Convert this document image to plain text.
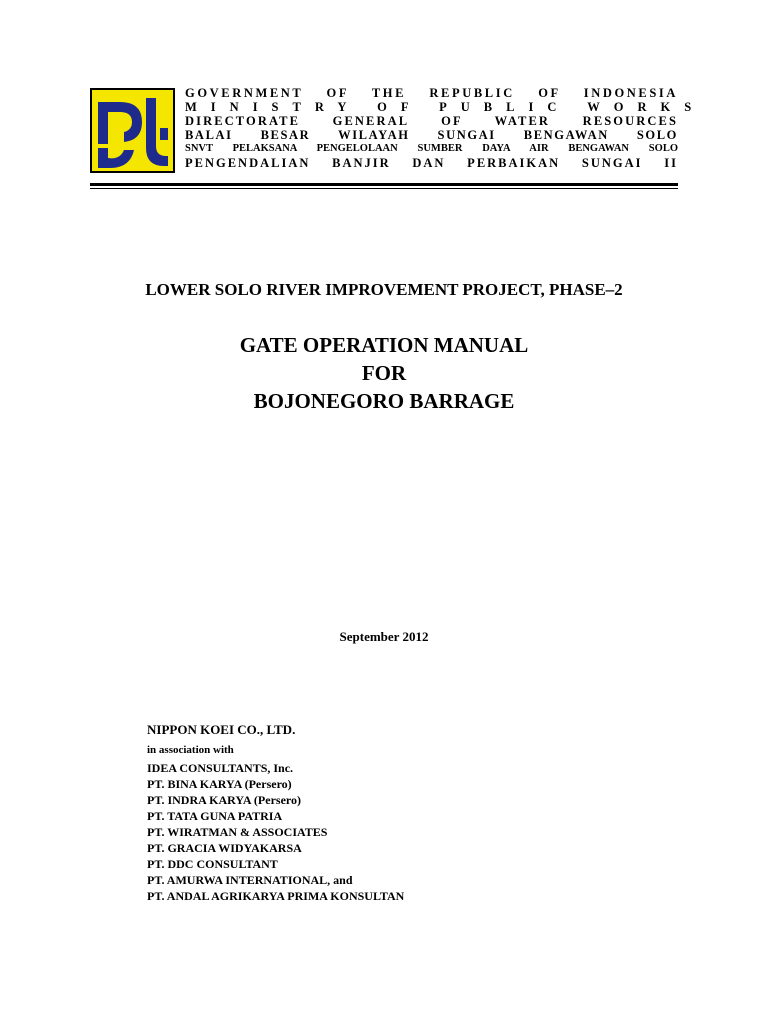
GOVERNMENT OF THE REPUBLIC OF INDONESIA
MINISTRY OF PUBLIC WORKS
DIRECTORATE GENERAL OF WATER RESOURCES
BALAI BESAR WILAYAH SUNGAI BENGAWAN SOLO
SNVT PELAKSANA PENGELOLAAN SUMBER DAYA AIR BENGAWAN SOLO
PENGENDALIAN BANJIR DAN PERBAIKAN SUNGAI II
LOWER SOLO RIVER IMPROVEMENT PROJECT, PHASE–2
GATE OPERATION MANUAL
FOR
BOJONEGORO BARRAGE
September 2012
NIPPON KOEI CO., LTD.
in association with
IDEA CONSULTANTS, Inc.
PT. BINA KARYA (Persero)
PT. INDRA KARYA (Persero)
PT. TATA GUNA PATRIA
PT. WIRATMAN & ASSOCIATES
PT. GRACIA WIDYAKARSA
PT. DDC CONSULTANT
PT. AMURWA INTERNATIONAL, and
PT. ANDAL AGRIKARYA PRIMA KONSULTAN
